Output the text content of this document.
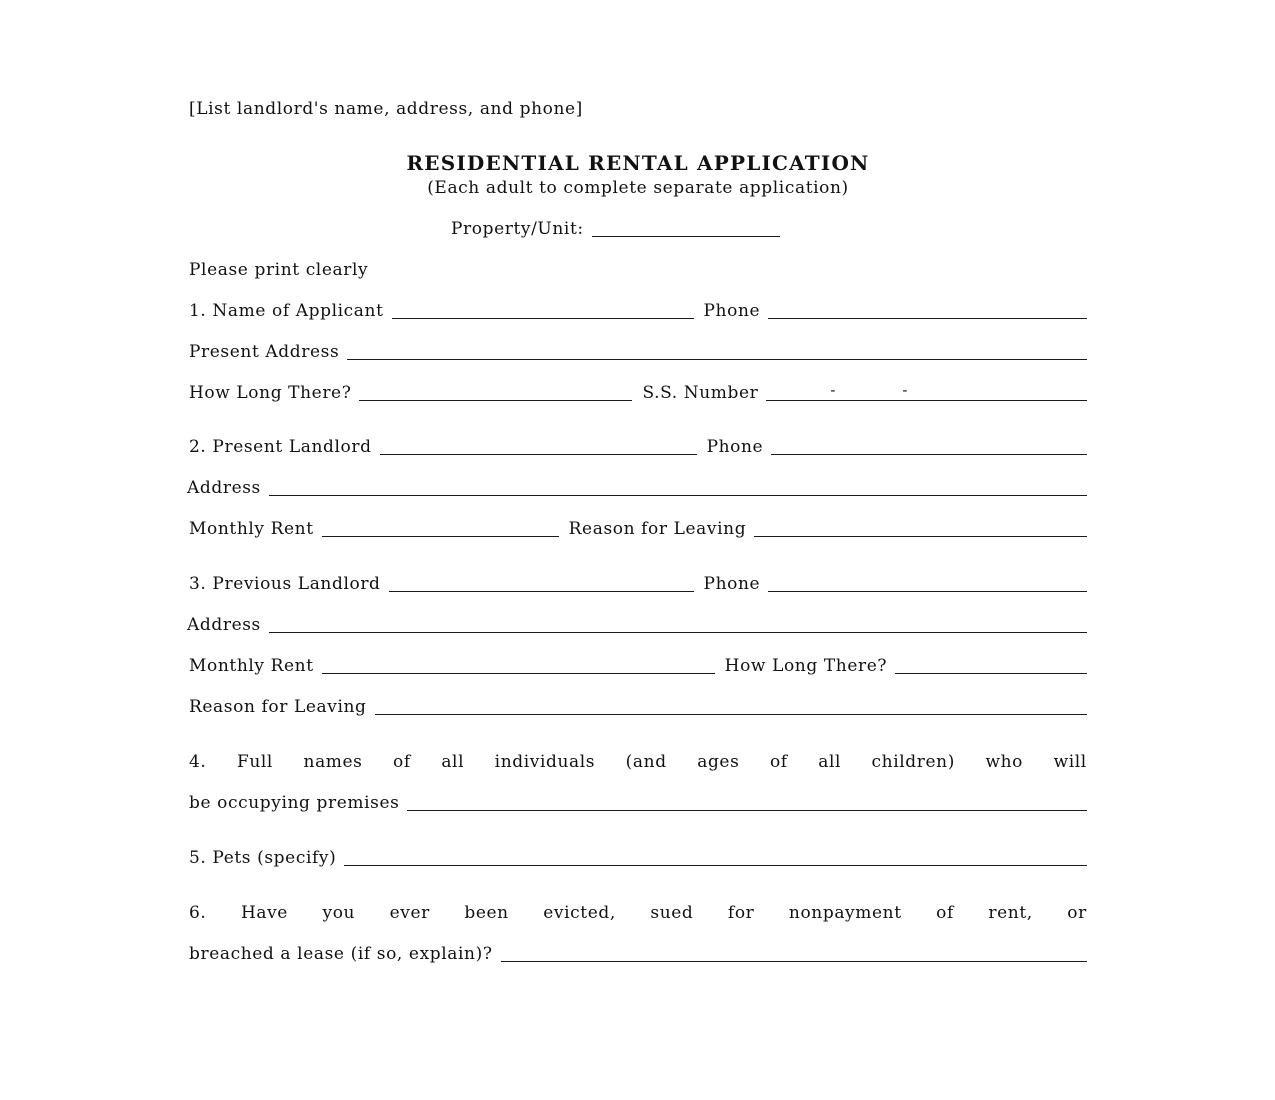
[List landlord's name, address, and phone]
RESIDENTIAL RENTAL APPLICATION
(Each adult to complete separate application)
Property/Unit:
Please print clearly
1. Name of Applicant	Phone
Present Address
How Long There?	S.S. Number	-	-
2. Present Landlord	Phone
Address
Monthly Rent	Reason for Leaving
3. Previous Landlord	Phone
Address
Monthly Rent	How Long There?
Reason for Leaving
4. Full names of all individuals (and ages of all children) who will
be occupying premises
5. Pets (specify)
6. Have you ever been evicted, sued for nonpayment of rent, or
breached a lease (if so, explain)?
